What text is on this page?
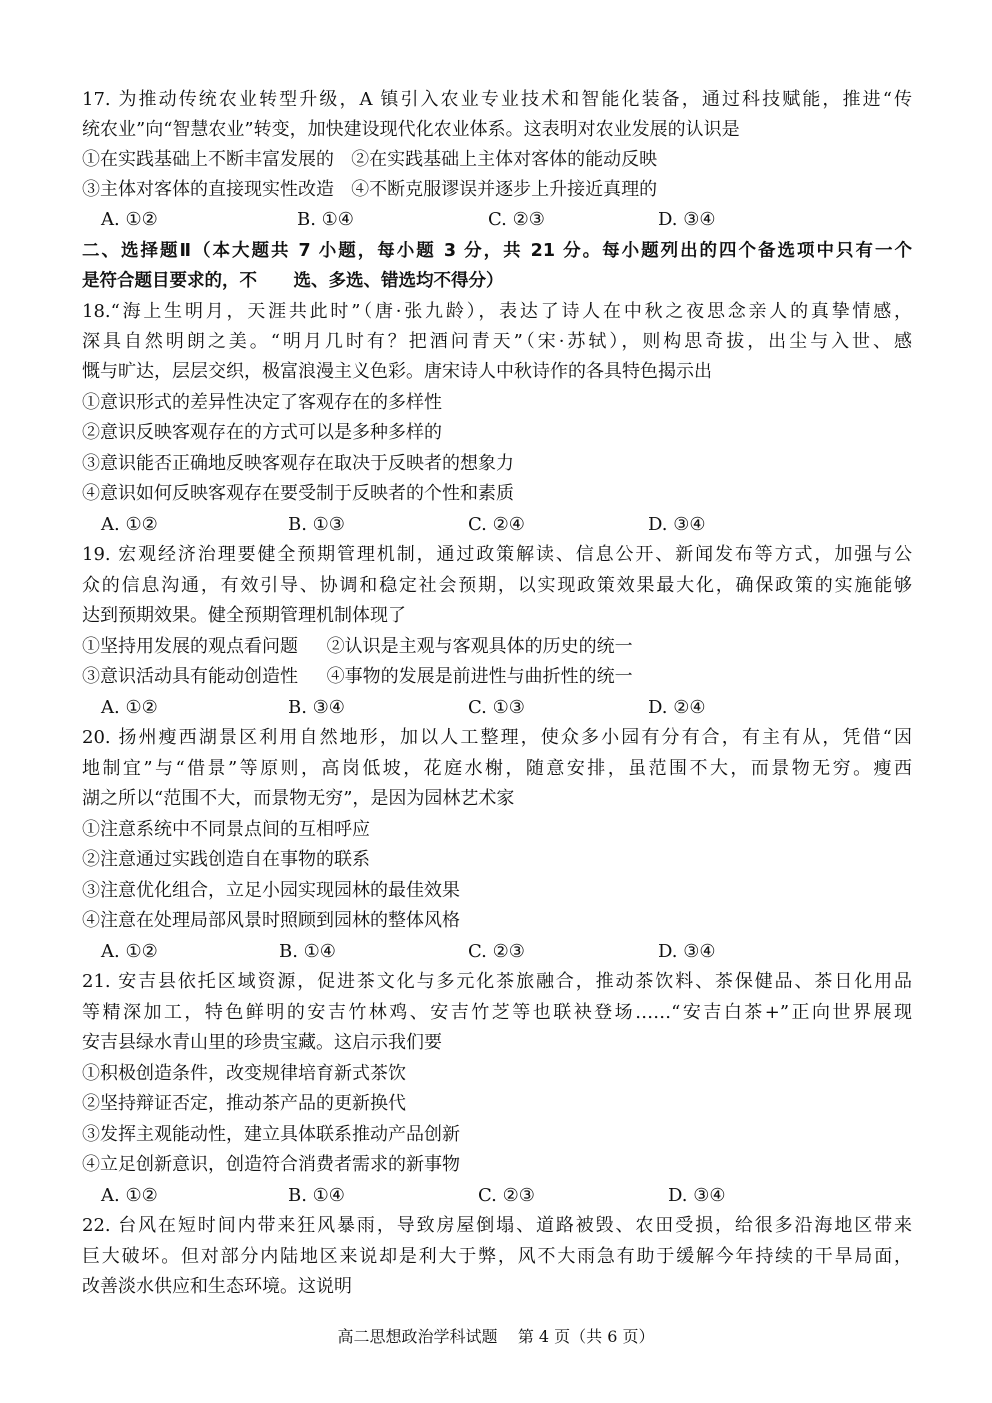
17. 为推动传统农业转型升级，A 镇引入农业专业技术和智能化装备，通过科技赋能，推进“传
统农业”向“智慧农业”转变，加快建设现代化农业体系。这表明对农业发展的认识是
①在实践基础上不断丰富发展的   ②在实践基础上主体对客体的能动反映
③主体对客体的直接现实性改造   ④不断克服谬误并逐步上升接近真理的
A. ①②	B. ①④	C. ②③	D. ③④
二、选择题Ⅱ（本大题共 7 小题，每小题 3 分，共 21 分。每小题列出的四个备选项中只有一个
是符合题目要求的，不      选、多选、错选均不得分）
18.“海上生明月，天涯共此时”（唐·张九龄），表达了诗人在中秋之夜思念亲人的真挚情感，
深具自然明朗之美。“明月几时有？把酒问青天”（宋·苏轼），则构思奇拔，出尘与入世、感
慨与旷达，层层交织，极富浪漫主义色彩。唐宋诗人中秋诗作的各具特色揭示出
①意识形式的差异性决定了客观存在的多样性
②意识反映客观存在的方式可以是多种多样的
③意识能否正确地反映客观存在取决于反映者的想象力
④意识如何反映客观存在要受制于反映者的个性和素质
A. ①②	B. ①③	C. ②④	D. ③④
19. 宏观经济治理要健全预期管理机制，通过政策解读、信息公开、新闻发布等方式，加强与公
众的信息沟通，有效引导、协调和稳定社会预期，以实现政策效果最大化，确保政策的实施能够
达到预期效果。健全预期管理机制体现了
①坚持用发展的观点看问题     ②认识是主观与客观具体的历史的统一
③意识活动具有能动创造性     ④事物的发展是前进性与曲折性的统一
A. ①②	B. ③④	C. ①③	D. ②④
20. 扬州瘦西湖景区利用自然地形，加以人工整理，使众多小园有分有合，有主有从，凭借“因
地制宜”与“借景”等原则，高岗低坡，花庭水榭，随意安排，虽范围不大，而景物无穷。瘦西
湖之所以“范围不大，而景物无穷”，是因为园林艺术家
①注意系统中不同景点间的互相呼应
②注意通过实践创造自在事物的联系
③注意优化组合，立足小园实现园林的最佳效果
④注意在处理局部风景时照顾到园林的整体风格
A. ①②	B. ①④	C. ②③	D. ③④
21. 安吉县依托区域资源，促进茶文化与多元化茶旅融合，推动茶饮料、茶保健品、茶日化用品
等精深加工，特色鲜明的安吉竹林鸡、安吉竹芝等也联袂登场……“安吉白茶+”正向世界展现
安吉县绿水青山里的珍贵宝藏。这启示我们要
①积极创造条件，改变规律培育新式茶饮
②坚持辩证否定，推动茶产品的更新换代
③发挥主观能动性，建立具体联系推动产品创新
④立足创新意识，创造符合消费者需求的新事物
A. ①②	B. ①④	C. ②③	D. ③④
22. 台风在短时间内带来狂风暴雨，导致房屋倒塌、道路被毁、农田受损，给很多沿海地区带来
巨大破坏。但对部分内陆地区来说却是利大于弊，风不大雨急有助于缓解今年持续的干旱局面，
改善淡水供应和生态环境。这说明
高二思想政治学科试题    第 4 页（共 6 页）
